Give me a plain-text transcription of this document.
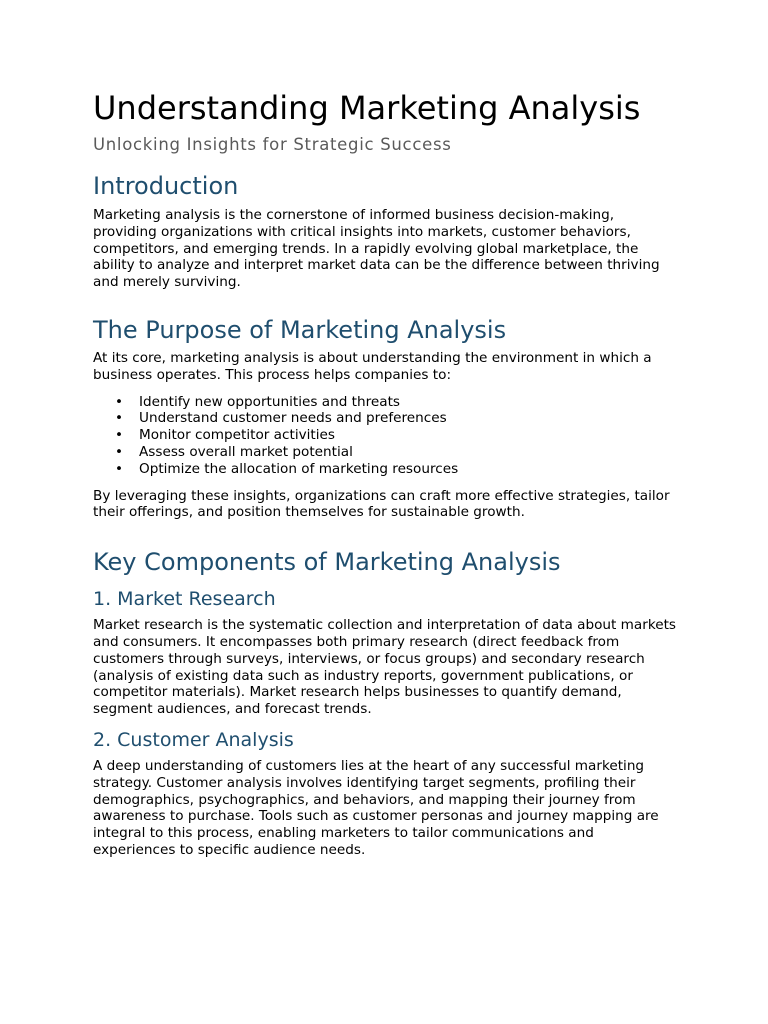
Understanding Marketing Analysis
Unlocking Insights for Strategic Success
Introduction

Marketing analysis is the cornerstone of informed business decision-making, providing organizations with critical insights into markets, customer behaviors, competitors, and emerging trends. In a rapidly evolving global marketplace, the ability to analyze and interpret market data can be the difference between thriving and merely surviving.

The Purpose of Marketing Analysis

At its core, marketing analysis is about understanding the environment in which a business operates. This process helps companies to:

• Identify new opportunities and threats
• Understand customer needs and preferences
• Monitor competitor activities
• Assess overall market potential
• Optimize the allocation of marketing resources

By leveraging these insights, organizations can craft more effective strategies, tailor their offerings, and position themselves for sustainable growth.

Key Components of Marketing Analysis
1. Market Research

Market research is the systematic collection and interpretation of data about markets and consumers. It encompasses both primary research (direct feedback from customers through surveys, interviews, or focus groups) and secondary research (analysis of existing data such as industry reports, government publications, or competitor materials). Market research helps businesses to quantify demand, segment audiences, and forecast trends.

2. Customer Analysis

A deep understanding of customers lies at the heart of any successful marketing strategy. Customer analysis involves identifying target segments, profiling their demographics, psychographics, and behaviors, and mapping their journey from awareness to purchase. Tools such as customer personas and journey mapping are integral to this process, enabling marketers to tailor communications and experiences to specific audience needs.
